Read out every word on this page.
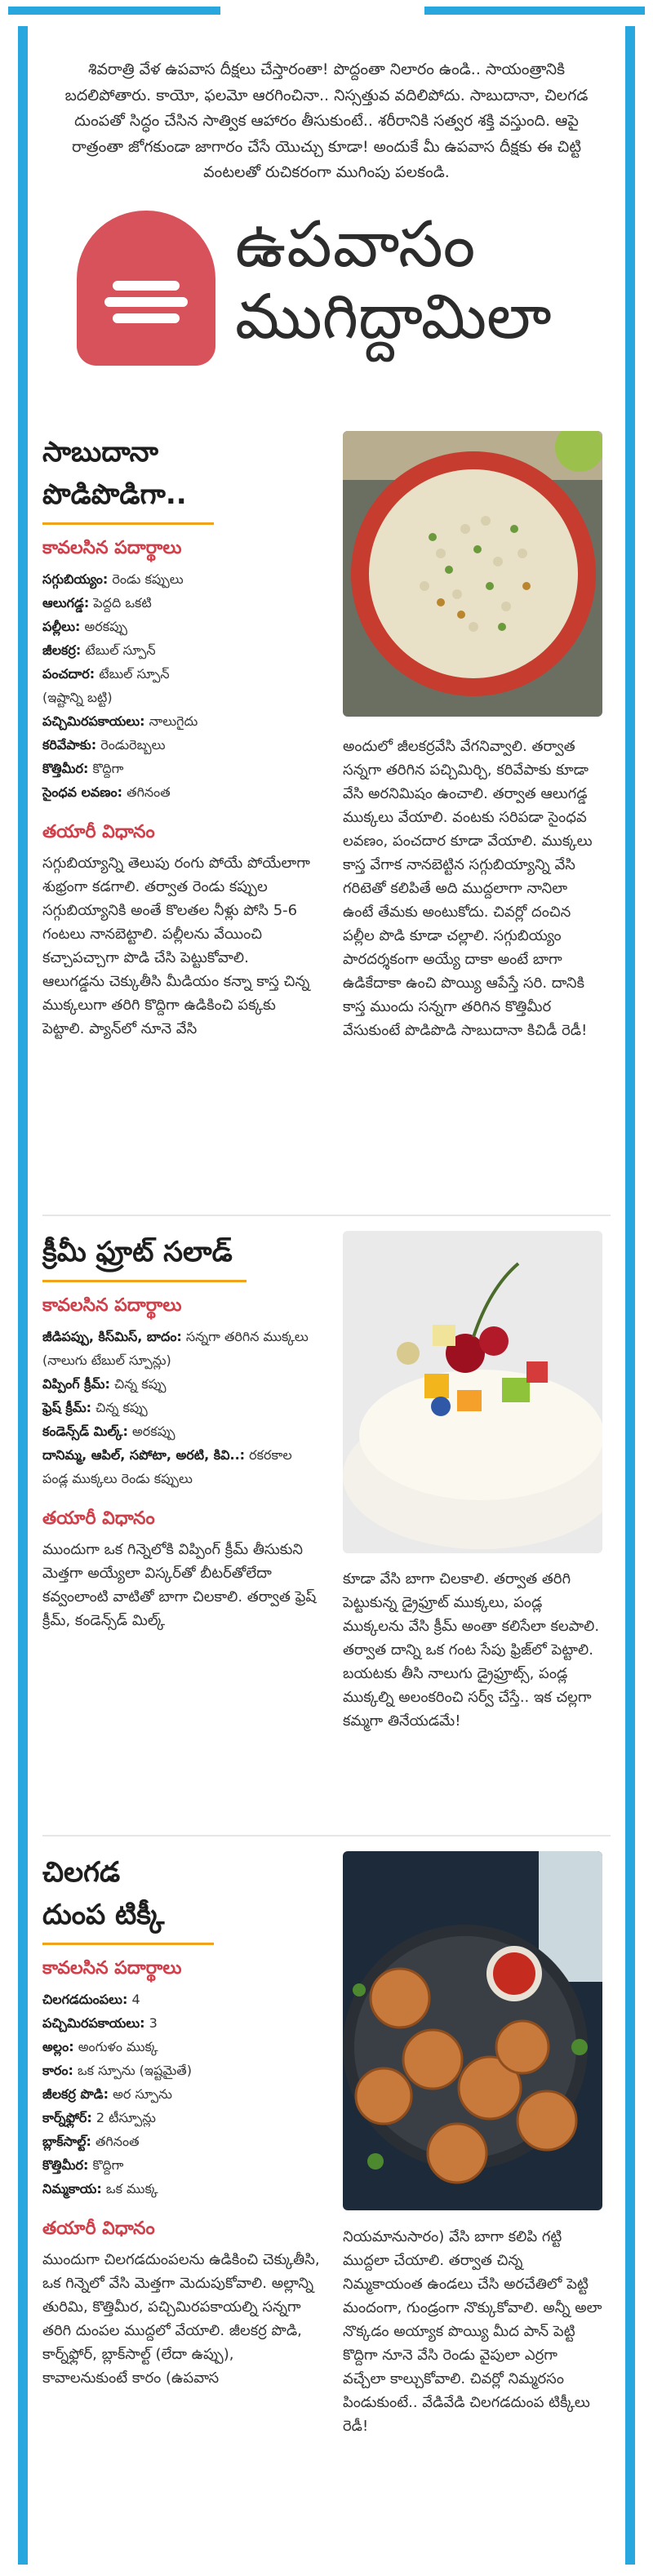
శివరాత్రి వేళ ఉపవాస దీక్షలు చేస్తారంతా! పొద్దంతా నిలారం ఉండి.. సాయంత్రానికి బదలిపోతారు. కాయో, ఫలమో ఆరగించినా.. నిస్సత్తువ వదిలిపోదు. సాబుదానా, చిలగడ దుంపతో సిద్ధం చేసిన సాత్విక ఆహారం తీసుకుంటే.. శరీరానికి సత్వర శక్తి వస్తుంది. ఆపై రాత్రంతా జోగకుండా జాగారం చేసే యెుచ్చు కూడా! అందుకే మీ ఉపవాస దీక్షకు ఈ చిట్టి వంటలతో రుచికరంగా ముగింపు పలకండి.
ఉపవాసం
ముగిద్దామిలా
సాబుదానా
పొడిపొడిగా..
కావలసిన పదార్థాలు
సగ్గుబియ్యం: రెండు కప్పులు
ఆలుగడ్డ: పెద్దది ఒకటి
పల్లీలు: అరకప్పు
జీలకర్ర: టేబుల్ స్పూన్
పంచదార: టేబుల్ స్పూన్
(ఇష్టాన్ని బట్టి)
పచ్చిమిరపకాయలు: నాలుగైదు
కరివేపాకు: రెండురెబ్బలు
కొత్తిమీర: కొద్దిగా
సైంధవ లవణం: తగినంత
తయారీ విధానం
సగ్గుబియ్యాన్ని తెలుపు రంగు పోయే పోయేలాగా శుభ్రంగా కడగాలి. తర్వాత రెండు కప్పుల సగ్గుబియ్యానికి అంతే కొలతల నీళ్లు పోసి 5-6 గంటలు నానబెట్టాలి. పల్లీలను వేయించి కచ్చాపచ్చాగా పొడి చేసి పెట్టుకోవాలి. ఆలుగడ్డను చెక్కుతీసి మీడియం కన్నా కాస్త చిన్న ముక్కలుగా తరిగి కొద్దిగా ఉడికించి పక్కకు పెట్టాలి. ప్యాన్‌లో నూనె వేసి
అందులో జీలకర్రవేసి వేగనివ్వాలి. తర్వాత సన్నగా తరిగిన పచ్చిమిర్చి, కరివేపాకు కూడా వేసి అరనిమిషం ఉంచాలి. తర్వాత ఆలుగడ్డ ముక్కలు వేయాలి. వంటకు సరిపడా సైంధవ లవణం, పంచదార కూడా వేయాలి. ముక్కలు కాస్త వేగాక నానబెట్టిన సగ్గుబియ్యాన్ని వేసి గరిటెతో కలిపితే అది ముద్దలాగా నానిలా ఉంటే తేమకు అంటుకోదు. చివర్లో దంచిన పల్లీల పొడి కూడా చల్లాలి. సగ్గుబియ్యం పారదర్శకంగా అయ్యే దాకా అంటే బాగా ఉడికేదాకా ఉంచి పొయ్యి ఆపేస్తే సరి. దానికి కాస్త ముందు సన్నగా తరిగిన కొత్తిమీర వేసుకుంటే పొడిపొడి సాబుదానా కిచిడీ రెడీ!
క్రీమీ ఫ్రూట్ సలాడ్
కావలసిన పదార్థాలు
జీడిపప్పు, కిస్‌మిస్, బాదం: సన్నగా తరిగిన ముక్కలు (నాలుగు టేబుల్ స్పూన్లు)
విప్పింగ్ క్రీమ్: చిన్న కప్పు
ఫ్రెష్ క్రీమ్: చిన్న కప్పు
కండెన్స్‌డ్ మిల్క్: అరకప్పు
దానిమ్మ, ఆపిల్, సపోటా, అరటి, కివి..: రకరకాల పండ్ల ముక్కలు రెండు కప్పులు
తయారీ విధానం
ముందుగా ఒక గిన్నెలోకి విప్పింగ్ క్రీమ్ తీసుకుని మెత్తగా అయ్యేలా విస్కర్‌తో బీటర్‌తోలేదా కవ్వంలాంటి వాటితో బాగా చిలకాలి. తర్వాత ఫ్రెష్ క్రీమ్, కండెన్స్‌డ్ మిల్క్
కూడా వేసి బాగా చిలకాలి. తర్వాత తరిగి పెట్టుకున్న డ్రైఫ్రూట్ ముక్కలు, పండ్ల ముక్కలను వేసి క్రీమ్ అంతా కలిసేలా కలపాలి. తర్వాత దాన్ని ఒక గంట సేపు ఫ్రిజ్‌లో పెట్టాలి. బయటకు తీసి నాలుగు డ్రైఫ్రూట్స్, పండ్ల ముక్కల్ని అలంకరించి సర్వ్ చేస్తే.. ఇక చల్లగా కమ్మగా తినేయడమే!
చిలగడ
దుంప టిక్కీ
కావలసిన పదార్థాలు
చిలగడదుంపలు: 4
పచ్చిమిరపకాయలు: 3
అల్లం: అంగుళం ముక్క
కారం: ఒక స్పూను (ఇష్టమైతే)
జీలకర్ర పొడి: అర స్పూను
కార్న్‌ఫ్లోర్: 2 టీస్పూన్లు
బ్లాక్‌సాల్ట్: తగినంత
కొత్తిమీర: కొద్దిగా
నిమ్మకాయ: ఒక ముక్క
తయారీ విధానం
ముందుగా చిలగడదుంపలను ఉడికించి చెక్కుతీసి, ఒక గిన్నెలో వేసి మెత్తగా మెదుపుకోవాలి. అల్లాన్ని తురిమి, కొత్తిమీర, పచ్చిమిరపకాయల్ని సన్నగా తరిగి దుంపల ముద్దలో వేయాలి. జీలకర్ర పొడి, కార్న్‌ఫ్లోర్, బ్లాక్‌సాల్ట్ (లేదా ఉప్పు), కావాలనుకుంటే కారం (ఉపవాస
నియమానుసారం) వేసి బాగా కలిపి గట్టి ముద్దలా చేయాలి. తర్వాత చిన్న నిమ్మకాయంత ఉండలు చేసి అరచేతిలో పెట్టి మందంగా, గుండ్రంగా నొక్కుకోవాలి. అన్నీ అలా నొక్కడం అయ్యాక పొయ్యి మీద పాన్ పెట్టి కొద్దిగా నూనె వేసి రెండు వైపులా ఎర్రగా వచ్చేలా కాల్చుకోవాలి. చివర్లో నిమ్మరసం పిండుకుంటే.. వేడివేడి చిలగడదుంప టిక్కీలు రెడీ!
